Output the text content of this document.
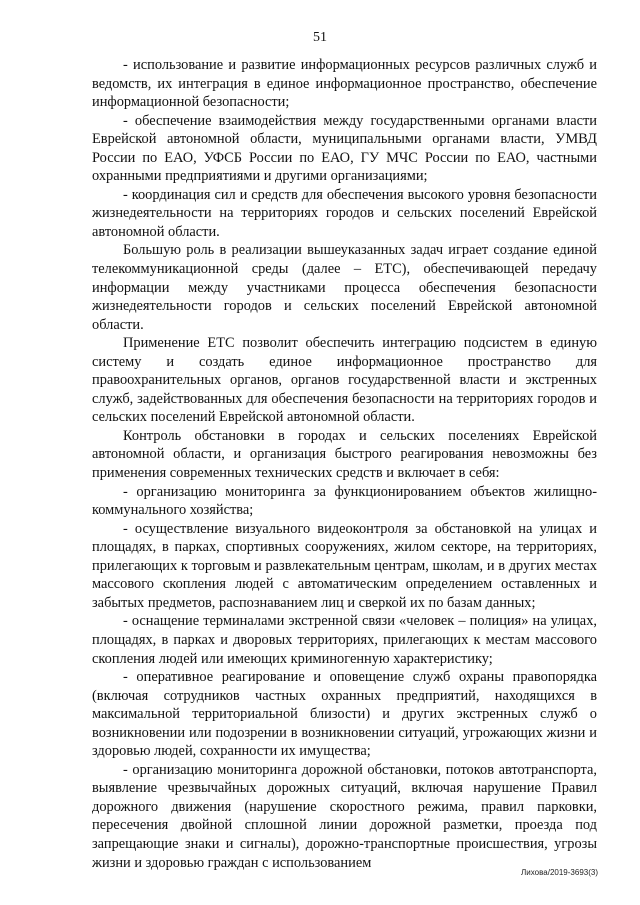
51

- использование и развитие информационных ресурсов различных служб и ведомств, их интеграция в единое информационное пространство, обеспечение информационной безопасности;

- обеспечение взаимодействия между государственными органами власти Еврейской автономной области, муниципальными органами власти, УМВД России по ЕАО, УФСБ России по ЕАО, ГУ МЧС России по ЕАО, частными охранными предприятиями и другими организациями;

- координация сил и средств для обеспечения высокого уровня безопасности жизнедеятельности на территориях городов и сельских поселений Еврейской автономной области.

Большую роль в реализации вышеуказанных задач играет создание единой телекоммуникационной среды (далее – ЕТС), обеспечивающей передачу информации между участниками процесса обеспечения безопасности жизнедеятельности городов и сельских поселений Еврейской автономной области.

Применение ЕТС позволит обеспечить интеграцию подсистем в единую систему и создать единое информационное пространство для правоохранительных органов, органов государственной власти и экстренных служб, задействованных для обеспечения безопасности на территориях городов и сельских поселений Еврейской автономной области.

Контроль обстановки в городах и сельских поселениях Еврейской автономной области, и организация быстрого реагирования невозможны без применения современных технических средств и включает в себя:

- организацию мониторинга за функционированием объектов жилищно-коммунального хозяйства;

- осуществление визуального видеоконтроля за обстановкой на улицах и площадях, в парках, спортивных сооружениях, жилом секторе, на территориях, прилегающих к торговым и развлекательным центрам, школам, и в других местах массового скопления людей с автоматическим определением оставленных и забытых предметов, распознаванием лиц и сверкой их по базам данных;

- оснащение терминалами экстренной связи «человек – полиция» на улицах, площадях, в парках и дворовых территориях, прилегающих к местам массового скопления людей или имеющих криминогенную характеристику;

- оперативное реагирование и оповещение служб охраны правопорядка (включая сотрудников частных охранных предприятий, находящихся в максимальной территориальной близости) и других экстренных служб о возникновении или подозрении в возникновении ситуаций, угрожающих жизни и здоровью людей, сохранности их имущества;

- организацию мониторинга дорожной обстановки, потоков автотранспорта, выявление чрезвычайных дорожных ситуаций, включая нарушение Правил дорожного движения (нарушение скоростного режима, правил парковки, пересечения двойной сплошной линии дорожной разметки, проезда под запрещающие знаки и сигналы), дорожно-транспортные происшествия, угрозы жизни и здоровью граждан с использованием

Лихова/2019-3693(3)
